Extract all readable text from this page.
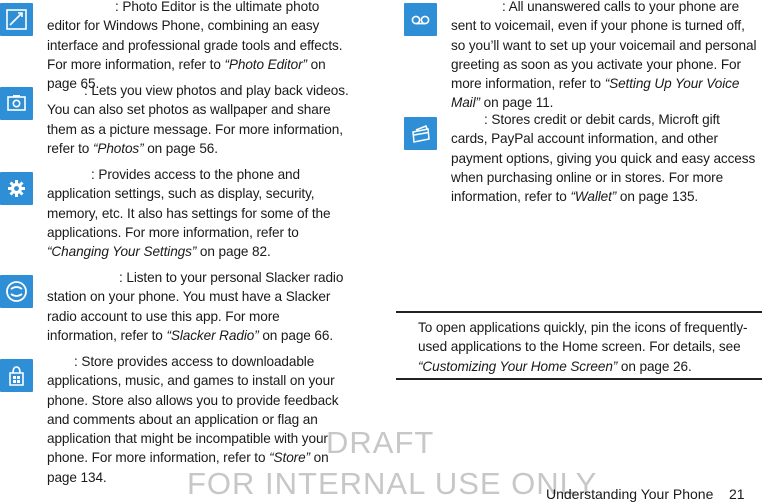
: Photo Editor is the ultimate photo editor for Windows Phone, combining an easy interface and professional grade tools and effects. For more information, refer to “Photo Editor” on page 65.
: Lets you view photos and play back videos. You can also set photos as wallpaper and share them as a picture message. For more information, refer to “Photos” on page 56.
: Provides access to the phone and application settings, such as display, security, memory, etc. It also has settings for some of the applications. For more information, refer to “Changing Your Settings” on page 82.
: Listen to your personal Slacker radio station on your phone. You must have a Slacker radio account to use this app. For more information, refer to “Slacker Radio” on page 66.
: Store provides access to downloadable applications, music, and games to install on your phone. Store also allows you to provide feedback and comments about an application or flag an application that might be incompatible with your phone. For more information, refer to “Store” on page 134.
: All unanswered calls to your phone are sent to voicemail, even if your phone is turned off, so you’ll want to set up your voicemail and personal greeting as soon as you activate your phone. For more information, refer to “Setting Up Your Voice Mail” on page 11.
: Stores credit or debit cards, Microft gift cards, PayPal account information, and other payment options, giving you quick and easy access when purchasing online or in stores. For more information, refer to “Wallet” on page 135.
To open applications quickly, pin the icons of frequently-used applications to the Home screen. For details, see “Customizing Your Home Screen” on page 26.
DRAFT
FOR INTERNAL USE ONLY
Understanding Your Phone 21
